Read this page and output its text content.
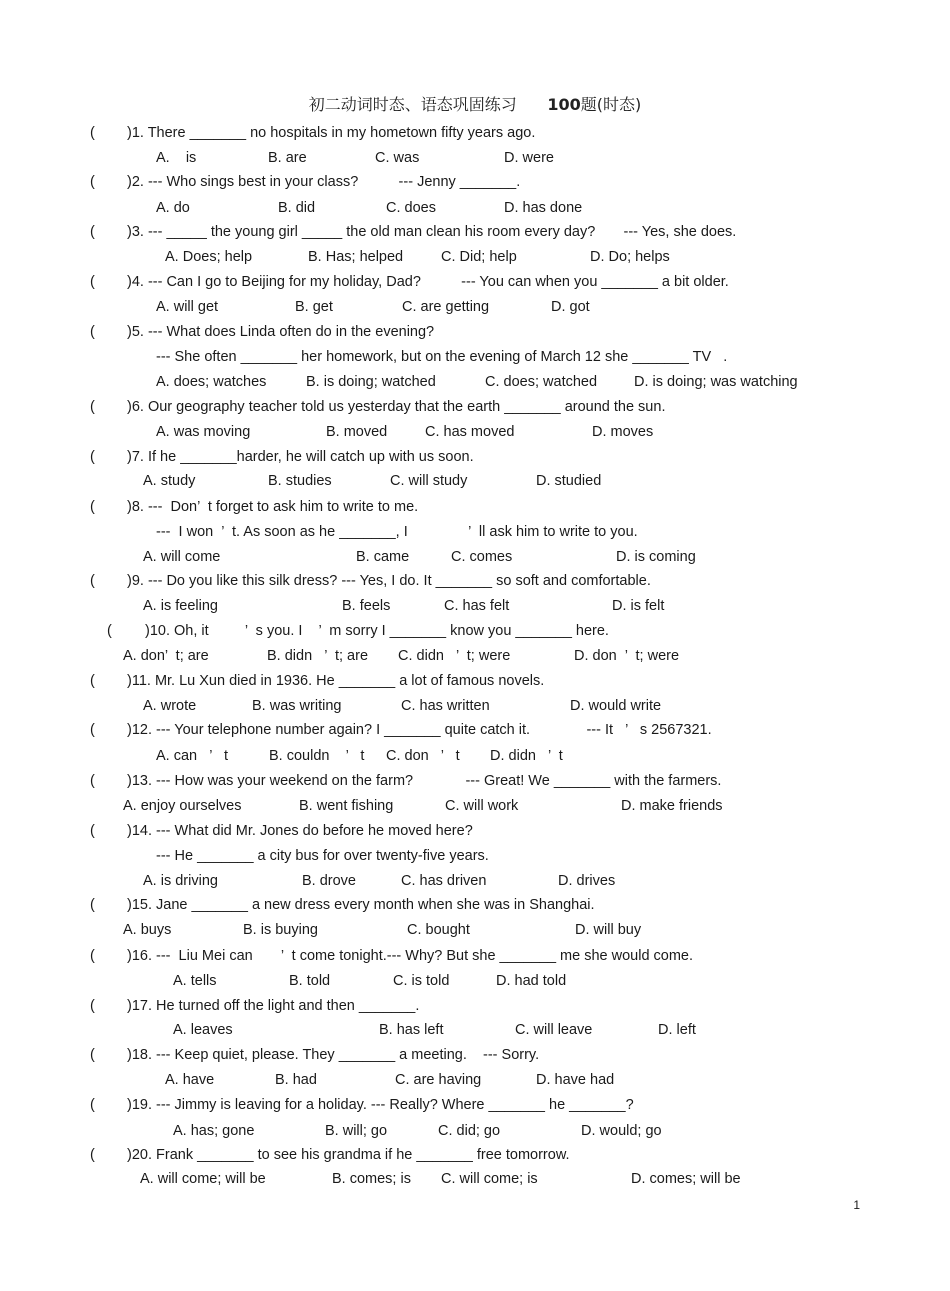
初二动词时态、语态巩固练习 100题(时态)
( )1. There _______ no hospitals in my hometown fifty years ago.
A.    is	B. are	C. was	D. were
( )2. --- Who sings best in your class?          --- Jenny _______.
A. do	B. did	C. does	D. has done
( )3. --- _____ the young girl _____ the old man clean his room every day?       --- Yes, she does.
A. Does; help	B. Has; helped	C. Did; help	D. Do; helps
( )4. --- Can I go to Beijing for my holiday, Dad?          --- You can when you _______ a bit older.
A. will get	B. get	C. are getting	D. got
( )5. --- What does Linda often do in the evening?
--- She often _______ her homework, but on the evening of March 12 she _______ TV   .
A. does; watches	B. is doing; watched	C. does; watched	D. is doing; was watching
( )6. Our geography teacher told us yesterday that the earth _______ around the sun.
A. was moving	B. moved	C. has moved	D. moves
( )7. If he _______harder, he will catch up with us soon.
A. study	B. studies	C. will study	D. studied
( )8. ---  Don’  t forget to ask him to write to me.
---  I won  ’  t. As soon as he _______, I               ’  ll ask him to write to you.
A. will come	B. came	C. comes	D. is coming
( )9. --- Do you like this silk dress? --- Yes, I do. It _______ so soft and comfortable.
A. is feeling	B. feels	C. has felt	D. is felt
( )10. Oh, it         ’  s you. I    ’  m sorry I _______ know you _______ here.
A. don’  t; are	B. didn   ’  t; are C. didn   ’  t; were	D. don  ’  t; were
( )11. Mr. Lu Xun died in 1936. He _______ a lot of famous novels.
A. wrote	B. was writing	C. has written	D. would write
( )12. --- Your telephone number again? I _______ quite catch it.              --- It   ’   s 2567321.
A. can   ’   t	B. couldn    ’   t C. don   ’   t D. didn   ’  t
( )13. --- How was your weekend on the farm?             --- Great! We _______ with the farmers.
A. enjoy ourselves	B. went fishing	C. will work	D. make friends
( )14. --- What did Mr. Jones do before he moved here?
--- He _______ a city bus for over twenty-five years.
A. is driving	B. drove	C. has driven	D. drives
( )15. Jane _______ a new dress every month when she was in Shanghai.
A. buys	B. is buying	C. bought	D. will buy
( )16. ---  Liu Mei can       ’  t come tonight.--- Why? But she _______ me she would come.
A. tells	B. told	C. is told	D. had told
( )17. He turned off the light and then _______.
A. leaves	B. has left	C. will leave	D. left
( )18. --- Keep quiet, please. They _______ a meeting.    --- Sorry.
A. have	B. had	C. are having	D. have had
( )19. --- Jimmy is leaving for a holiday. --- Really? Where _______ he _______?
A. has; gone	B. will; go	C. did; go	D. would; go
( )20. Frank _______ to see his grandma if he _______ free tomorrow.
A. will come; will be	B. comes; is C. will come; is	D. comes; will be
1
